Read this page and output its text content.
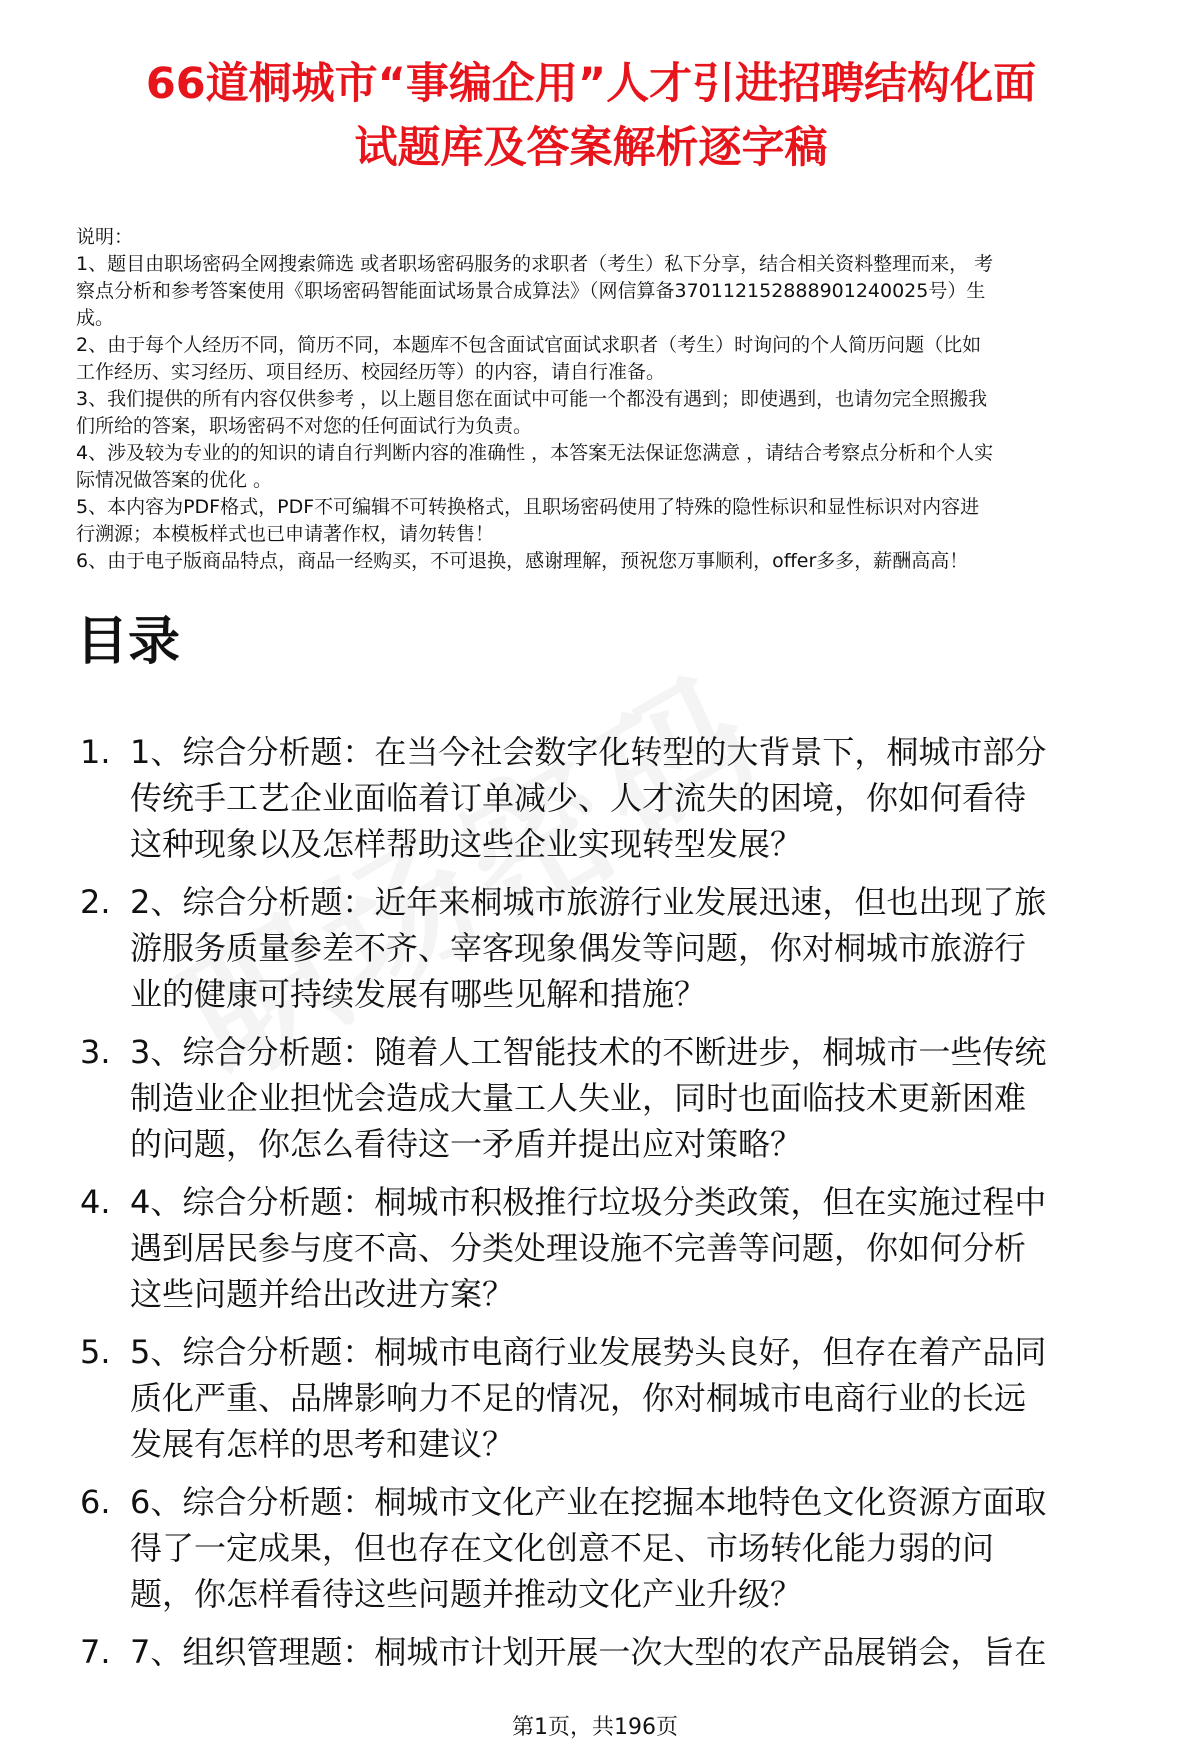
66道桐城市“事编企用”人才引进招聘结构化面
试题库及答案解析逐字稿
说明：
1、题目由职场密码全网搜索筛选 或者职场密码服务的求职者（考生）私下分享，结合相关资料整理而来， 考
察点分析和参考答案使用《职场密码智能面试场景合成算法》（网信算备370112152888901240025号）生
成。
2、由于每个人经历不同，简历不同，本题库不包含面试官面试求职者（考生）时询问的个人简历问题（比如
工作经历、实习经历、项目经历、校园经历等）的内容，请自行准备。
3、我们提供的所有内容仅供参考 ，以上题目您在面试中可能一个都没有遇到；即使遇到，也请勿完全照搬我
们所给的答案，职场密码不对您的任何面试行为负责。
4、涉及较为专业的的知识的请自行判断内容的准确性 ，本答案无法保证您满意 ，请结合考察点分析和个人实
际情况做答案的优化 。
5、本内容为PDF格式，PDF不可编辑不可转换格式，且职场密码使用了特殊的隐性标识和显性标识对内容进
行溯源；本模板样式也已申请著作权，请勿转售！
6、由于电子版商品特点，商品一经购买，不可退换，感谢理解，预祝您万事顺利，offer多多，薪酬高高！
目录
1. 1、综合分析题：在当今社会数字化转型的大背景下，桐城市部分
传统手工艺企业面临着订单减少、人才流失的困境，你如何看待
这种现象以及怎样帮助这些企业实现转型发展？
2. 2、综合分析题：近年来桐城市旅游行业发展迅速，但也出现了旅
游服务质量参差不齐、宰客现象偶发等问题，你对桐城市旅游行
业的健康可持续发展有哪些见解和措施？
3. 3、综合分析题：随着人工智能技术的不断进步，桐城市一些传统
制造业企业担忧会造成大量工人失业，同时也面临技术更新困难
的问题，你怎么看待这一矛盾并提出应对策略？
4. 4、综合分析题：桐城市积极推行垃圾分类政策，但在实施过程中
遇到居民参与度不高、分类处理设施不完善等问题，你如何分析
这些问题并给出改进方案？
5. 5、综合分析题：桐城市电商行业发展势头良好，但存在着产品同
质化严重、品牌影响力不足的情况，你对桐城市电商行业的长远
发展有怎样的思考和建议？
6. 6、综合分析题：桐城市文化产业在挖掘本地特色文化资源方面取
得了一定成果，但也存在文化创意不足、市场转化能力弱的问
题，你怎样看待这些问题并推动文化产业升级？
7. 7、组织管理题：桐城市计划开展一次大型的农产品展销会，旨在
第1页，共196页
